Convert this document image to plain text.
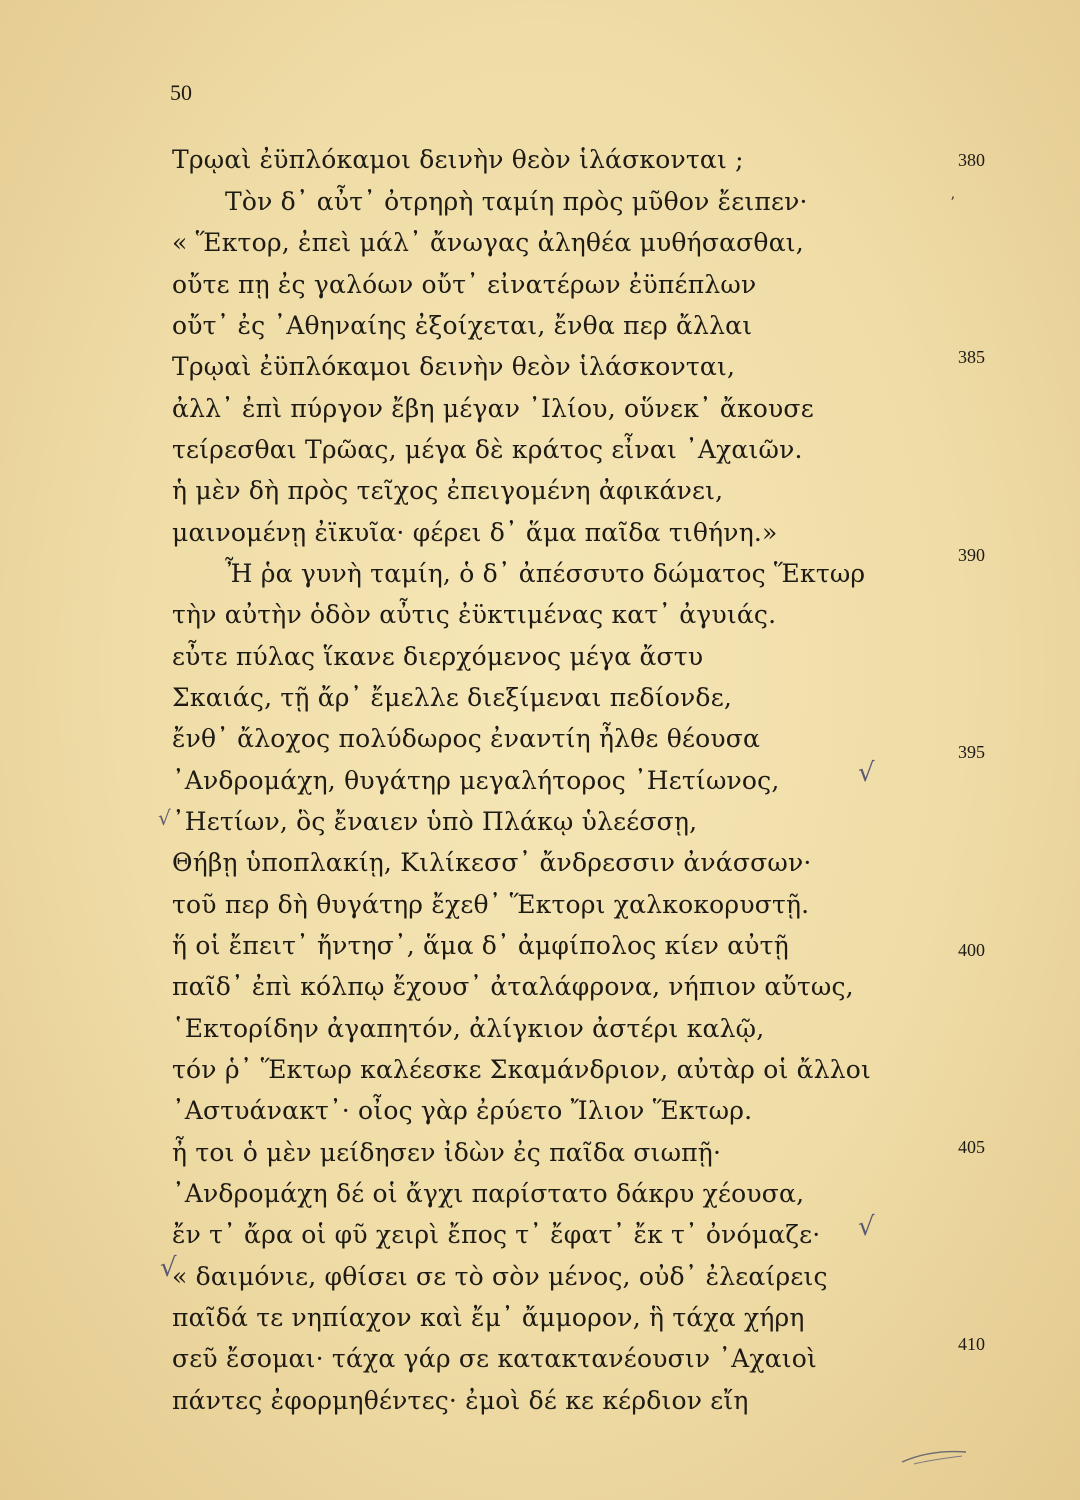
50
Τρῳαὶ ἐϋπλόκαμοι δεινὴν θεὸν ἱλάσκονται ;	380
Τὸν δ᾿ αὖτ᾿ ὀτρηρὴ ταμίη πρὸς μῦθον ἔειπεν·	ʼ
« Ἕκτορ, ἐπεὶ μάλ᾿ ἄνωγας ἀληθέα μυθήσασθαι,
οὔτε πῃ ἐς γαλόων οὔτ᾿ εἰνατέρων ἐϋπέπλων
οὔτ᾿ ἐς ᾿Αθηναίης ἐξοίχεται, ἔνθα περ ἄλλαι
Τρῳαὶ ἐϋπλόκαμοι δεινὴν θεὸν ἱλάσκονται,	385
ἀλλ᾿ ἐπὶ πύργον ἔβη μέγαν ᾿Ιλίου, οὕνεκ᾿ ἄκουσε
τείρεσθαι Τρῶας, μέγα δὲ κράτος εἶναι ᾿Αχαιῶν.
ἡ μὲν δὴ πρὸς τεῖχος ἐπειγομένη ἀφικάνει,
μαινομένῃ ἐϊκυῖα· φέρει δ᾿ ἅμα παῖδα τιθήνη.»
Ἦ ῥα γυνὴ ταμίη, ὁ δ᾿ ἀπέσσυτο δώματος Ἕκτωρ
390
τὴν αὐτὴν ὁδὸν αὖτις ἐϋκτιμένας κατ᾿ ἀγυιάς.
εὖτε πύλας ἵκανε διερχόμενος μέγα ἄστυ
Σκαιάς, τῇ ἄρ᾿ ἔμελλε διεξίμεναι πεδίονδε,
ἔνθ᾿ ἄλοχος πολύδωρος ἐναντίη ἦλθε θέουσα
᾿Ανδρομάχη, θυγάτηρ μεγαλήτορος ᾿Ηετίωνος,	√
395
√ ᾿Ηετίων, ὃς ἔναιεν ὑπὸ Πλάκῳ ὑλεέσσῃ,
Θήβῃ ὑποπλακίῃ, Κιλίκεσσ᾿ ἄνδρεσσιν ἀνάσσων·
τοῦ περ δὴ θυγάτηρ ἔχεθ᾿ Ἕκτορι χαλκοκορυστῇ.
ἥ οἱ ἔπειτ᾿ ἤντησ᾿, ἅμα δ᾿ ἀμφίπολος κίεν αὐτῇ
παῖδ᾿ ἐπὶ κόλπῳ ἔχουσ᾿ ἀταλάφρονα, νήπιον αὔτως,
400
῾Εκτορίδην ἀγαπητόν, ἀλίγκιον ἀστέρι καλῷ,
τόν ῥ᾿ Ἕκτωρ καλέεσκε Σκαμάνδριον, αὐτὰρ οἱ ἄλλοι
᾿Αστυάνακτ᾿· οἶος γὰρ ἐρύετο Ἴλιον Ἕκτωρ.
ἦ τοι ὁ μὲν μείδησεν ἰδὼν ἐς παῖδα σιωπῇ·
᾿Ανδρομάχη δέ οἱ ἄγχι παρίστατο δάκρυ χέουσα,
405
ἔν τ᾿ ἄρα οἱ φῦ χειρὶ ἔπος τ᾿ ἔφατ᾿ ἔκ τ᾿ ὀνόμαζε· √
√
« δαιμόνιε, φθίσει σε τὸ σὸν μένος, οὐδ᾿ ἐλεαίρεις
παῖδά τε νηπίαχον καὶ ἔμ᾿ ἄμμορον, ἣ τάχα χήρη
σεῦ ἔσομαι· τάχα γάρ σε κατακτανέουσιν ᾿Αχαιοὶ
πάντες ἐφορμηθέντες· ἐμοὶ δέ κε κέρδιον εἴη
410
